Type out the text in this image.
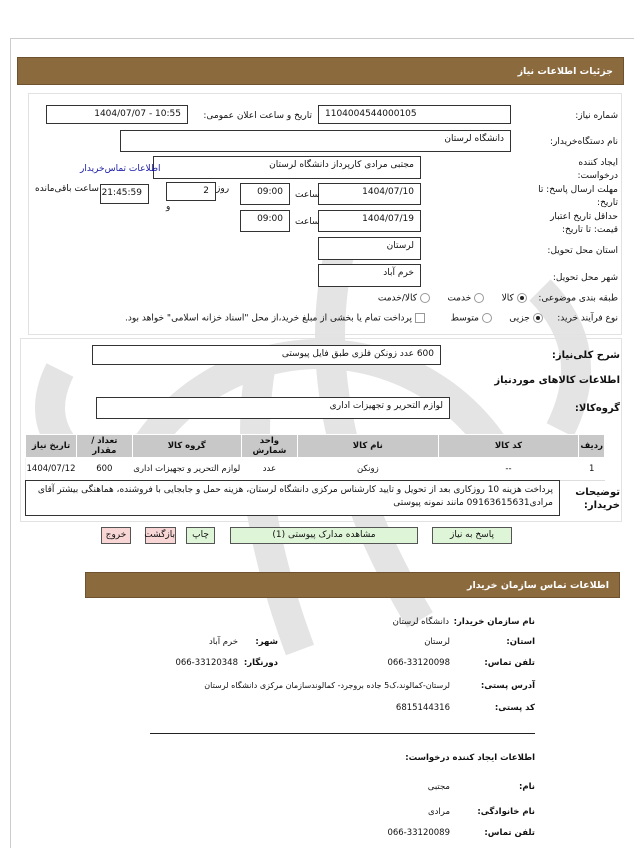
جزئیات اطلاعات نیاز
شماره نیاز:
1104004544000105
تاریخ و ساعت اعلان عمومی:
1404/07/07 - 10:55
نام دستگاه‌خریدار:
دانشگاه لرستان
ایجاد کننده درخواست:
مجتبی مرادی کارپرداز دانشگاه لرستان
اطلاعات تماس‌خریدار
مهلت ارسال پاسخ: تا تاریخ:
1404/07/10
ساعت
09:00
روز
و
2
21:45:59
ساعت باقی‌مانده
حداقل تاریخ اعتبار قیمت: تا تاریخ:
1404/07/19
ساعت
09:00
استان محل تحویل:
لرستان
شهر محل تحویل:
خرم آباد
طبقه بندی موضوعی:   کالا     خدمت     کالا/خدمت
نوع فرآیند خرید:    جزیی     متوسط          پرداخت تمام یا بخشی از مبلغ خرید،از محل "اسناد خزانه اسلامی" خواهد بود.
شرح کلی‌نیاز:
600 عدد زونکن فلزی طبق فایل پیوستی
اطلاعات کالاهای موردنیاز
گروه‌کالا:
لوازم التحریر و تجهیزات اداری
ردیف	کد کالا	نام کالا	واحد شمارش	گروه کالا	تعداد / مقدار	تاریخ نیاز
1	--	زونکن	عدد	لوازم التحریر و تجهیزات اداری	600	1404/07/12
توضیحات خریدار:
پرداخت هزینه 10 روزکاری بعد از تحویل و تایید کارشناس مرکزی دانشگاه لرستان، هزینه حمل و جابجایی با فروشنده، هماهنگی بیشتر آقای مرادی09163615631 مانند نمونه پیوستی
پاسخ به نیاز
مشاهده مدارک پیوستی (1)
چاپ
بازگشت
خروج
اطلاعات تماس سازمان خریدار
نام سازمان خریدار:
دانشگاه لرستان
استان:
لرستان
شهر:
خرم آباد
تلفن تماس:
066-33120098
دورنگار:
066-33120348
آدرس پستی:
لرستان-کمالوند،ک5 جاده بروجرد- کمالوندسازمان مرکزی دانشگاه لرستان
کد پستی:
6815144316
اطلاعات ایجاد کننده درخواست:
نام:
مجتبی
نام خانوادگی:
مرادی
تلفن تماس:
066-33120089
